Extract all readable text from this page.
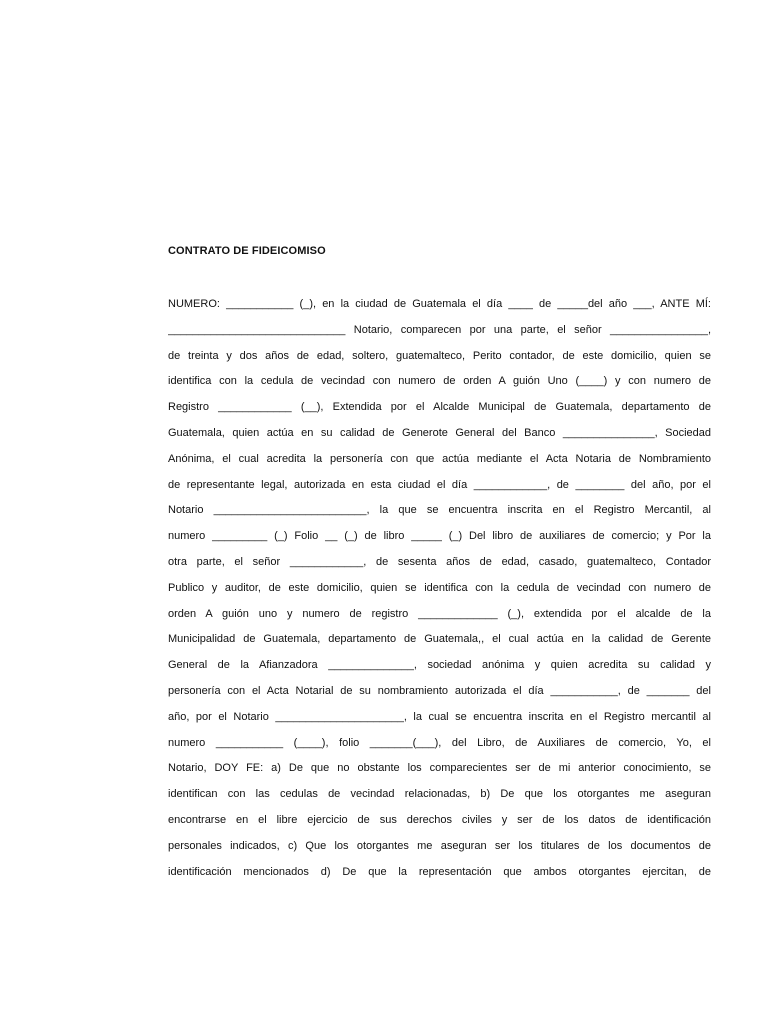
CONTRATO DE FIDEICOMISO
NUMERO: ___________ (_), en la ciudad de Guatemala el día ____ de _____del año ___, ANTE MÍ:
_____________________________ Notario, comparecen por una parte, el señor ________________,
de treinta y dos años de edad, soltero, guatemalteco, Perito contador, de este domicilio, quien se
identifica con la cedula de vecindad con numero de orden A guión Uno (____) y con numero de
Registro ____________ (__), Extendida por el Alcalde Municipal de Guatemala, departamento de
Guatemala, quien actúa en su calidad de Generote General del Banco _______________, Sociedad
Anónima, el cual acredita la personería con que actúa mediante el Acta Notaria de Nombramiento
de representante legal, autorizada en esta ciudad el día ____________, de ________ del año, por el
Notario _________________________, la que se encuentra inscrita en el Registro Mercantil, al
numero _________ (_) Folio __ (_) de libro _____ (_) Del libro de auxiliares de comercio; y Por la
otra parte, el señor ____________, de sesenta años de edad, casado, guatemalteco, Contador
Publico y auditor, de este domicilio, quien se identifica con la cedula de vecindad con numero de
orden A guión uno y numero de registro _____________ (_), extendida por el alcalde de la
Municipalidad de Guatemala, departamento de Guatemala,, el cual actúa en la calidad de Gerente
General de la Afianzadora ______________, sociedad anónima y quien acredita su calidad y
personería con el Acta Notarial de su nombramiento autorizada el día ___________, de _______ del
año, por el Notario _____________________, la cual se encuentra inscrita en el Registro mercantil al
numero ___________ (____), folio _______(___), del Libro, de Auxiliares de comercio, Yo, el
Notario, DOY FE: a) De que no obstante los comparecientes ser de mi anterior conocimiento, se
identifican con las cedulas de vecindad relacionadas, b) De que los otorgantes me aseguran
encontrarse en el libre ejercicio de sus derechos civiles y ser de los datos de identificación
personales indicados, c) Que los otorgantes me aseguran ser los titulares de los documentos de
identificación mencionados d) De que la representación que ambos otorgantes ejercitan, de
